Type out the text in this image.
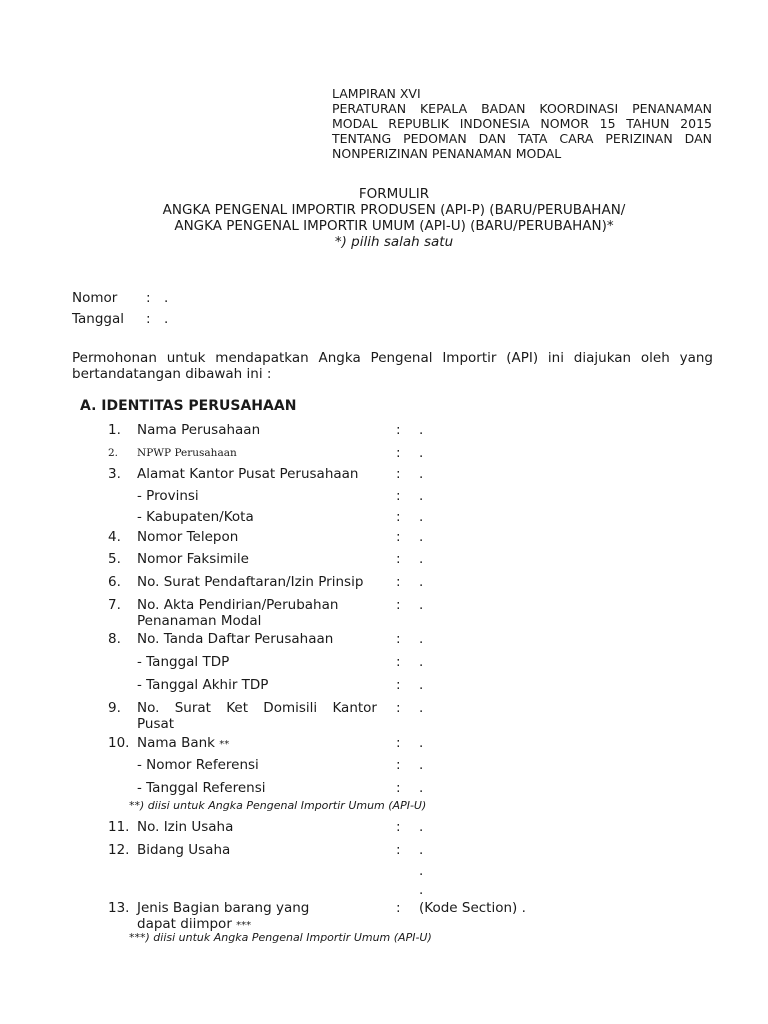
LAMPIRAN XVI
PERATURAN KEPALA BADAN KOORDINASI PENANAMAN
MODAL REPUBLIK INDONESIA NOMOR 15 TAHUN 2015
TENTANG PEDOMAN DAN TATA CARA PERIZINAN DAN
NONPERIZINAN PENANAMAN MODAL
FORMULIR
ANGKA PENGENAL IMPORTIR PRODUSEN (API-P) (BARU/PERUBAHAN/
ANGKA PENGENAL IMPORTIR UMUM (API-U) (BARU/PERUBAHAN)*
*) pilih salah satu
Nomor : .
Tanggal : .
Permohonan untuk mendapatkan Angka Pengenal Importir (API) ini diajukan oleh yang bertandatangan dibawah ini :
A. IDENTITAS PERUSAHAAN
1. Nama Perusahaan	: .
2. NPWP Perusahaan	: .
3. Alamat Kantor Pusat Perusahaan	: .
- Provinsi	: .
- Kabupaten/Kota	: .
4. Nomor Telepon	: .
5. Nomor Faksimile	: .
6. No. Surat Pendaftaran/Izin Prinsip : .
7. No. Akta Pendirian/Perubahan Penanaman Modal
: .
8. No. Tanda Daftar Perusahaan	: .
- Tanggal TDP	: .
- Tanggal Akhir TDP	: .
9. No. Surat Ket Domisili Kantor Pusat
: .
10. Nama Bank **	: .
- Nomor Referensi	: .
- Tanggal Referensi	: .
**) diisi untuk Angka Pengenal Importir Umum (API-U)
11. No. Izin Usaha	: .
12. Bidang Usaha	: .
.
.
13. Jenis Bagian barang yang dapat diimpor ***
: (Kode Section) .
***) diisi untuk Angka Pengenal Importir Umum (API-U)
